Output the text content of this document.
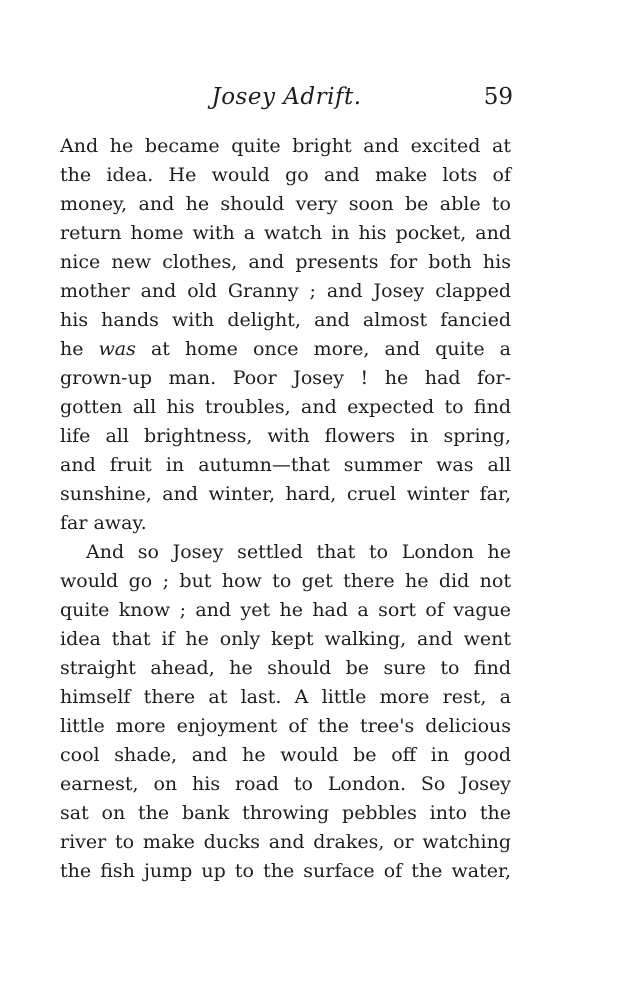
Josey Adrift.	59
And he became quite bright and excited at
the idea. He would go and make lots of
money, and he should very soon be able to
return home with a watch in his pocket, and
nice new clothes, and presents for both his
mother and old Granny ; and Josey clapped
his hands with delight, and almost fancied
he was at home once more, and quite a
grown-up man. Poor Josey ! he had for-
gotten all his troubles, and expected to find
life all brightness, with flowers in spring,
and fruit in autumn—that summer was all
sunshine, and winter, hard, cruel winter far,
far away.
And so Josey settled that to London he
would go ; but how to get there he did not
quite know ; and yet he had a sort of vague
idea that if he only kept walking, and went
straight ahead, he should be sure to find
himself there at last. A little more rest, a
little more enjoyment of the tree's delicious
cool shade, and he would be off in good
earnest, on his road to London. So Josey
sat on the bank throwing pebbles into the
river to make ducks and drakes, or watching
the fish jump up to the surface of the water,
